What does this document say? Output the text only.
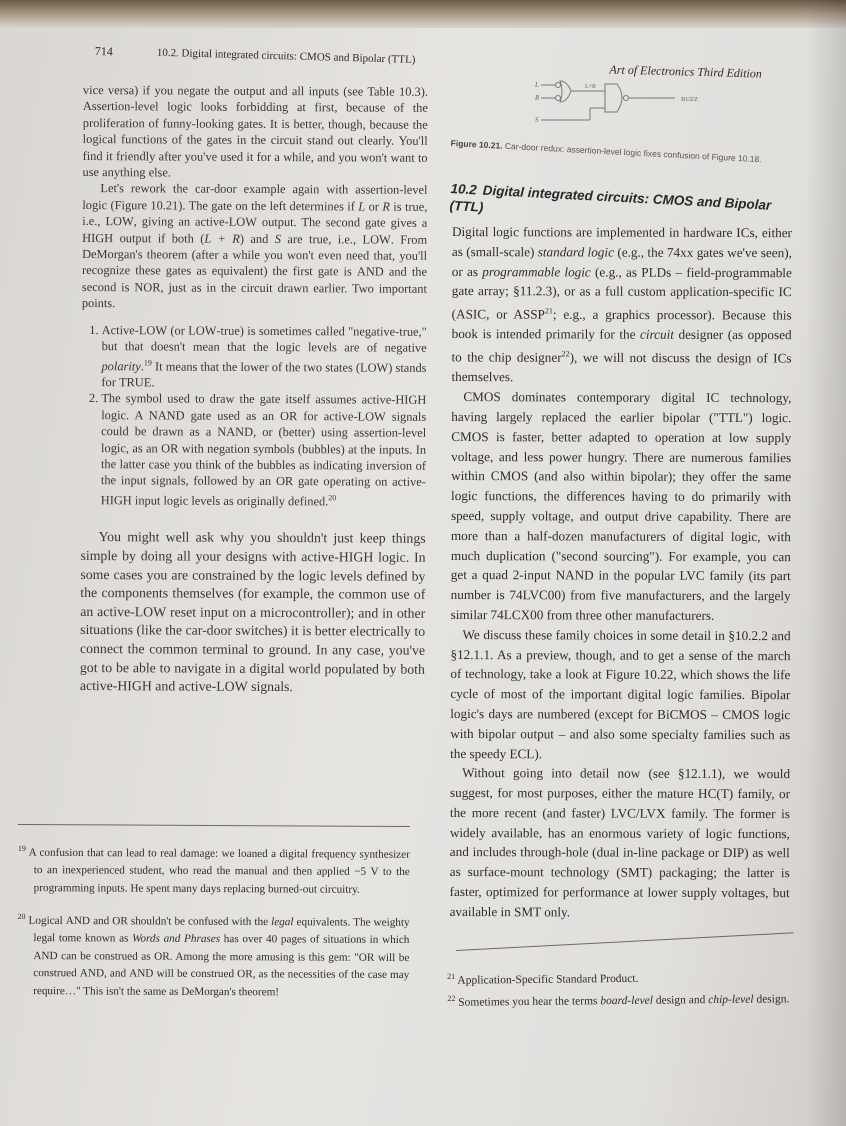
714	10.2. Digital integrated circuits: CMOS and Bipolar (TTL)
Art of Electronics Third Edition

vice versa) if you negate the output and all inputs (see Table 10.3). Assertion-level logic looks forbidding at first, because of the proliferation of funny-looking gates. It is better, though, because the logical functions of the gates in the circuit stand out clearly. You'll find it friendly after you've used it for a while, and you won't want to use anything else.

Let's rework the car-door example again with assertion-level logic (Figure 10.21). The gate on the left determines if L or R is true, i.e., LOW, giving an active-LOW output. The second gate gives a HIGH output if both (L + R) and S are true, i.e., LOW. From DeMorgan's theorem (after a while you won't even need that, you'll recognize these gates as equivalent) the first gate is AND and the second is NOR, just as in the circuit drawn earlier. Two important points.

1. Active-LOW (or LOW-true) is sometimes called "negative-true," but that doesn't mean that the logic levels are of negative polarity.$^{19}$ It means that the lower of the two states (LOW) stands for TRUE.
2. The symbol used to draw the gate itself assumes active-HIGH logic. A NAND gate used as an OR for active-LOW signals could be drawn as a NAND, or (better) using assertion-level logic, as an OR with negation symbols (bubbles) at the inputs. In the latter case you think of the bubbles as indicating inversion of the input signals, followed by an OR gate operating on active-HIGH input logic levels as originally defined.$^{20}$

You might well ask why you shouldn't just keep things simple by doing all your designs with active-HIGH logic. In some cases you are constrained by the logic levels defined by the components themselves (for example, the common use of an active-LOW reset input on a microcontroller); and in other situations (like the car-door switches) it is better electrically to connect the common terminal to ground. In any case, you've got to be able to navigate in a digital world populated by both active-HIGH and active-LOW signals.

$^{19}$ A confusion that can lead to real damage: we loaned a digital frequency synthesizer to an inexperienced student, who read the manual and then applied −5 V to the programming inputs. He spent many days replacing burned-out circuitry.

$^{20}$ Logical AND and OR shouldn't be confused with the legal equivalents. The weighty legal tome known as Words and Phrases has over 40 pages of situations in which AND can be construed as OR. Among the more amusing is this gem: "OR will be construed AND, and AND will be construed OR, as the necessities of the case may require…" This isn't the same as DeMorgan's theorem!

L
R
S
L+R
BUZZ
Figure 10.21. Car-door redux: assertion-level logic fixes confusion of Figure 10.18.
10.2 Digital integrated circuits: CMOS and Bipolar (TTL)

Digital logic functions are implemented in hardware ICs, either as (small-scale) standard logic (e.g., the 74xx gates we've seen), or as programmable logic (e.g., as PLDs – field-programmable gate array; §11.2.3), or as a full custom application-specific IC (ASIC, or ASSP$^{21}$; e.g., a graphics processor). Because this book is intended primarily for the circuit designer (as opposed to the chip designer$^{22}$), we will not discuss the design of ICs themselves.

CMOS dominates contemporary digital IC technology, having largely replaced the earlier bipolar ("TTL") logic. CMOS is faster, better adapted to operation at low supply voltage, and less power hungry. There are numerous families within CMOS (and also within bipolar); they offer the same logic functions, the differences having to do primarily with speed, supply voltage, and output drive capability. There are more than a half-dozen manufacturers of digital logic, with much duplication ("second sourcing"). For example, you can get a quad 2-input NAND in the popular LVC family (its part number is 74LVC00) from five manufacturers, and the largely similar 74LCX00 from three other manufacturers.

We discuss these family choices in some detail in §10.2.2 and §12.1.1. As a preview, though, and to get a sense of the march of technology, take a look at Figure 10.22, which shows the life cycle of most of the important digital logic families. Bipolar logic's days are numbered (except for BiCMOS – CMOS logic with bipolar output – and also some specialty families such as the speedy ECL).

Without going into detail now (see §12.1.1), we would suggest, for most purposes, either the mature HC(T) family, or the more recent (and faster) LVC/LVX family. The former is widely available, has an enormous variety of logic functions, and includes through-hole (dual in-line package or DIP) as well as surface-mount technology (SMT) packaging; the latter is faster, optimized for performance at lower supply voltages, but available in SMT only.

$^{21}$ Application-Specific Standard Product.

$^{22}$ Sometimes you hear the terms board-level design and chip-level design.
